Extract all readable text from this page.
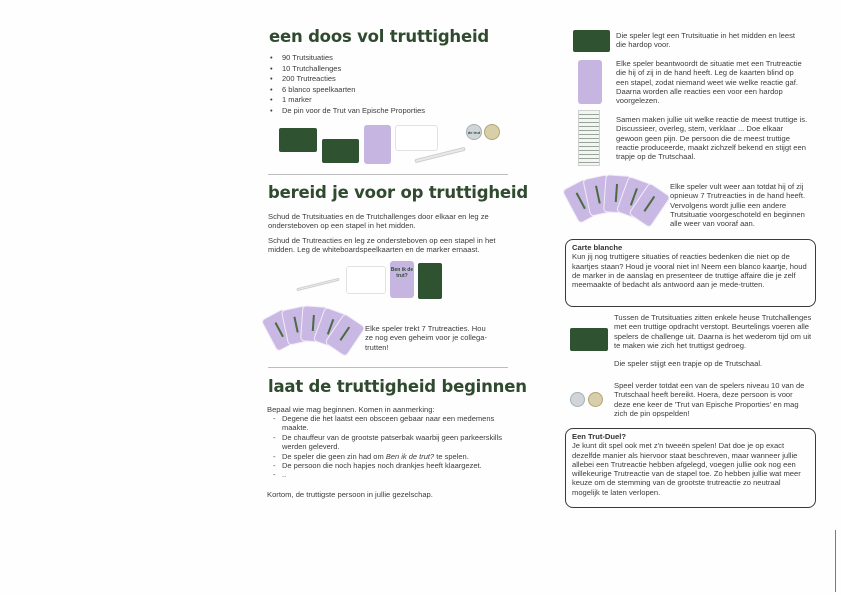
een doos vol truttigheid
• 90 Trutsituaties
• 10 Trutchallenges
• 200 Trutreacties
• 6 blanco speelkaarten
• 1 marker
• De pin voor de Trut van Epische Proporties
de trut
bereid je voor op truttigheid

Schud de Trutsituaties en de Trutchallenges door elkaar en leg ze ondersteboven op een stapel in het midden.

Schud de Trutreacties en leg ze ondersteboven op een stapel in het midden. Leg de whiteboardspeelkaarten en de marker ernaast.

Ben ik de trut?

Elke speler trekt 7 Trutreacties. Hou ze nog even geheim voor je collega-trutten!

laat de truttigheid beginnen

Bepaal wie mag beginnen. Komen in aanmerking:

- Degene die het laatst een obsceen gebaar naar een medemens maakte.
- De chauffeur van de grootste patserbak waarbij geen parkeerskills werden geleverd.
- De speler die geen zin had om Ben ik de trut? te spelen.
- De persoon die noch hapjes noch drankjes heeft klaargezet.
- ..

Kortom, de truttigste persoon in jullie gezelschap.

Die speler legt een Trutsituatie in het midden en leest die hardop voor.

Elke speler beantwoordt de situatie met een Trutreactie die hij of zij in de hand heeft. Leg de kaarten blind op een stapel, zodat niemand weet wie welke reactie gaf. Daarna worden alle reacties een voor een hardop voorgelezen.

Samen maken jullie uit welke reactie de meest truttige is. Discussieer, overleg, stem, verklaar ... Doe elkaar gewoon geen pijn. De persoon die de meest truttige reactie produceerde, maakt zichzelf bekend en stijgt een trapje op de Trutschaal.

Elke speler vult weer aan totdat hij of zij opnieuw 7 Trutreacties in de hand heeft. Vervolgens wordt jullie een andere Trutsituatie voorgeschoteld en beginnen alle weer van vooraf aan.

Carte blanche

Kun jij nog truttigere situaties of reacties bedenken die niet op de kaartjes staan? Houd je vooral niet in! Neem een blanco kaartje, houd de marker in de aanslag en presenteer de truttige affaire die je zelf meemaakte of bedacht als antwoord aan je mede-trutten.

Tussen de Trutsituaties zitten enkele heuse Trutchallenges met een truttige opdracht verstopt. Beurtelings voeren alle spelers de challenge uit. Daarna is het wederom tijd om uit te maken wie zich het truttigst gedroeg.

Die speler stijgt een trapje op de Trutschaal.

Speel verder totdat een van de spelers niveau 10 van de Trutschaal heeft bereikt. Hoera, deze persoon is voor deze ene keer de 'Trut van Epische Proporties' en mag zich de pin opspelden!

Een Trut-Duel?

Je kunt dit spel ook met z'n tweeën spelen! Dat doe je op exact dezelfde manier als hiervoor staat beschreven, maar wanneer jullie allebei een Trutreactie hebben afgelegd, voegen jullie ook nog een willekeurige Trutreactie van de stapel toe. Zo hebben jullie wat meer keuze om de stemming van de grootste trutreactie zo neutraal mogelijk te laten verlopen.
